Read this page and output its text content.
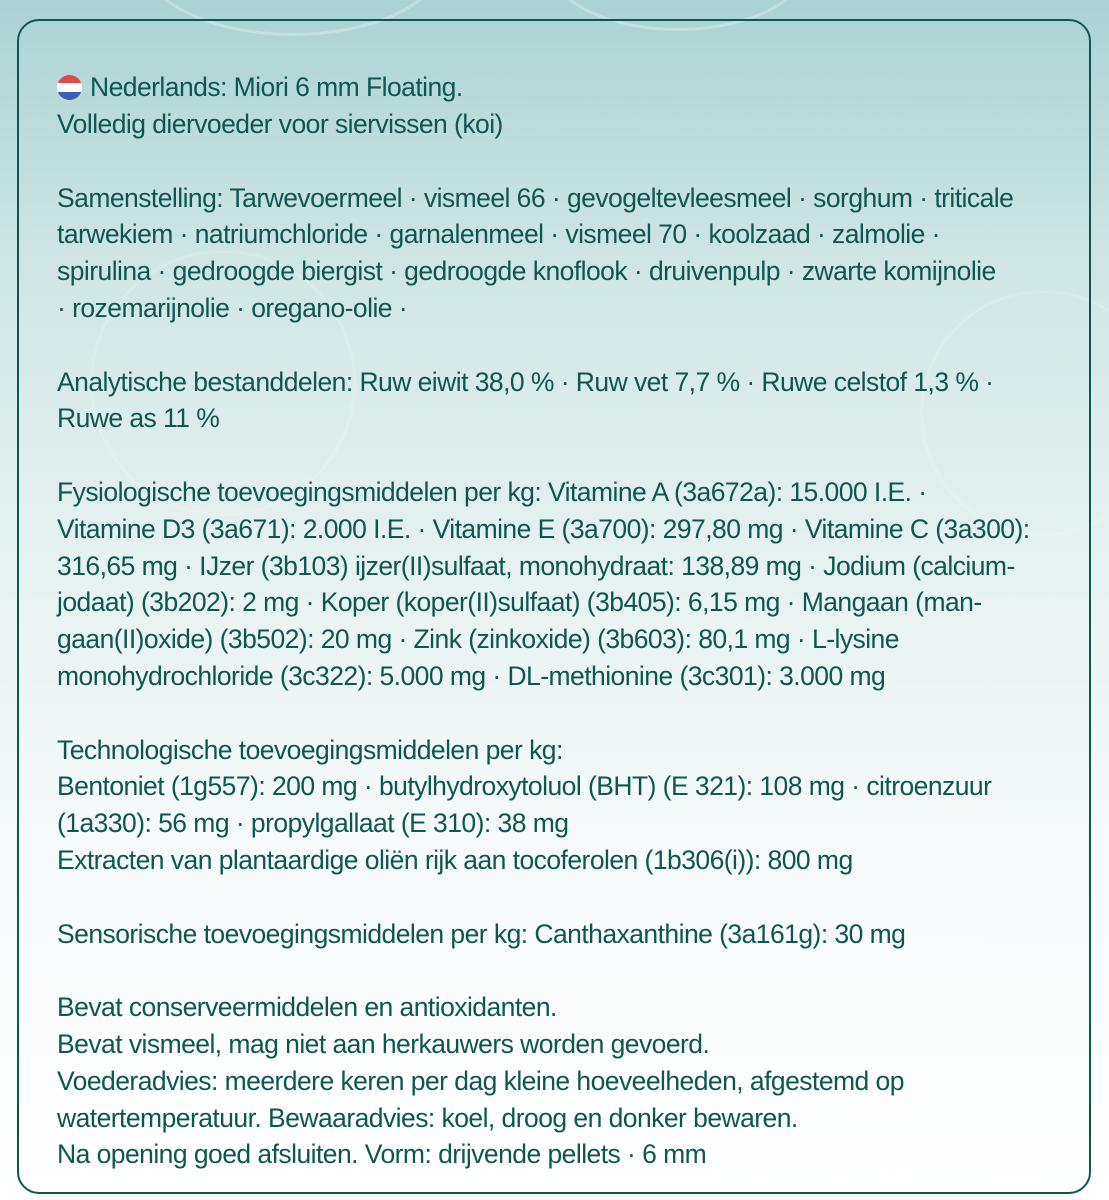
Nederlands: Miori 6 mm Floating.
Volledig diervoeder voor siervissen (koi)
Samenstelling: Tarwevoermeel · vismeel 66 · gevogeltevleesmeel · sorghum · triticale
tarwekiem · natriumchloride · garnalenmeel · vismeel 70 · koolzaad · zalmolie ·
spirulina · gedroogde biergist · gedroogde knoflook · druivenpulp · zwarte komijnolie
· rozemarijnolie · oregano-olie ·
Analytische bestanddelen: Ruw eiwit 38,0 % · Ruw vet 7,7 % · Ruwe celstof 1,3 % ·
Ruwe as 11 %
Fysiologische toevoegingsmiddelen per kg: Vitamine A (3a672a): 15.000 I.E. ·
Vitamine D3 (3a671): 2.000 I.E. · Vitamine E (3a700): 297,80 mg · Vitamine C (3a300):
316,65 mg · IJzer (3b103) ijzer(II)sulfaat, monohydraat: 138,89 mg · Jodium (calcium-
jodaat) (3b202): 2 mg · Koper (koper(II)sulfaat) (3b405): 6,15 mg · Mangaan (man-
gaan(II)oxide) (3b502): 20 mg · Zink (zinkoxide) (3b603): 80,1 mg · L-lysine
monohydrochloride (3c322): 5.000 mg · DL-methionine (3c301): 3.000 mg
Technologische toevoegingsmiddelen per kg:
Bentoniet (1g557): 200 mg · butylhydroxytoluol (BHT) (E 321): 108 mg · citroenzuur
(1a330): 56 mg · propylgallaat (E 310): 38 mg
Extracten van plantaardige oliën rijk aan tocoferolen (1b306(i)): 800 mg
Sensorische toevoegingsmiddelen per kg: Canthaxanthine (3a161g): 30 mg
Bevat conserveermiddelen en antioxidanten.
Bevat vismeel, mag niet aan herkauwers worden gevoerd.
Voederadvies: meerdere keren per dag kleine hoeveelheden, afgestemd op
watertemperatuur. Bewaaradvies: koel, droog en donker bewaren.
Na opening goed afsluiten. Vorm: drijvende pellets · 6 mm
